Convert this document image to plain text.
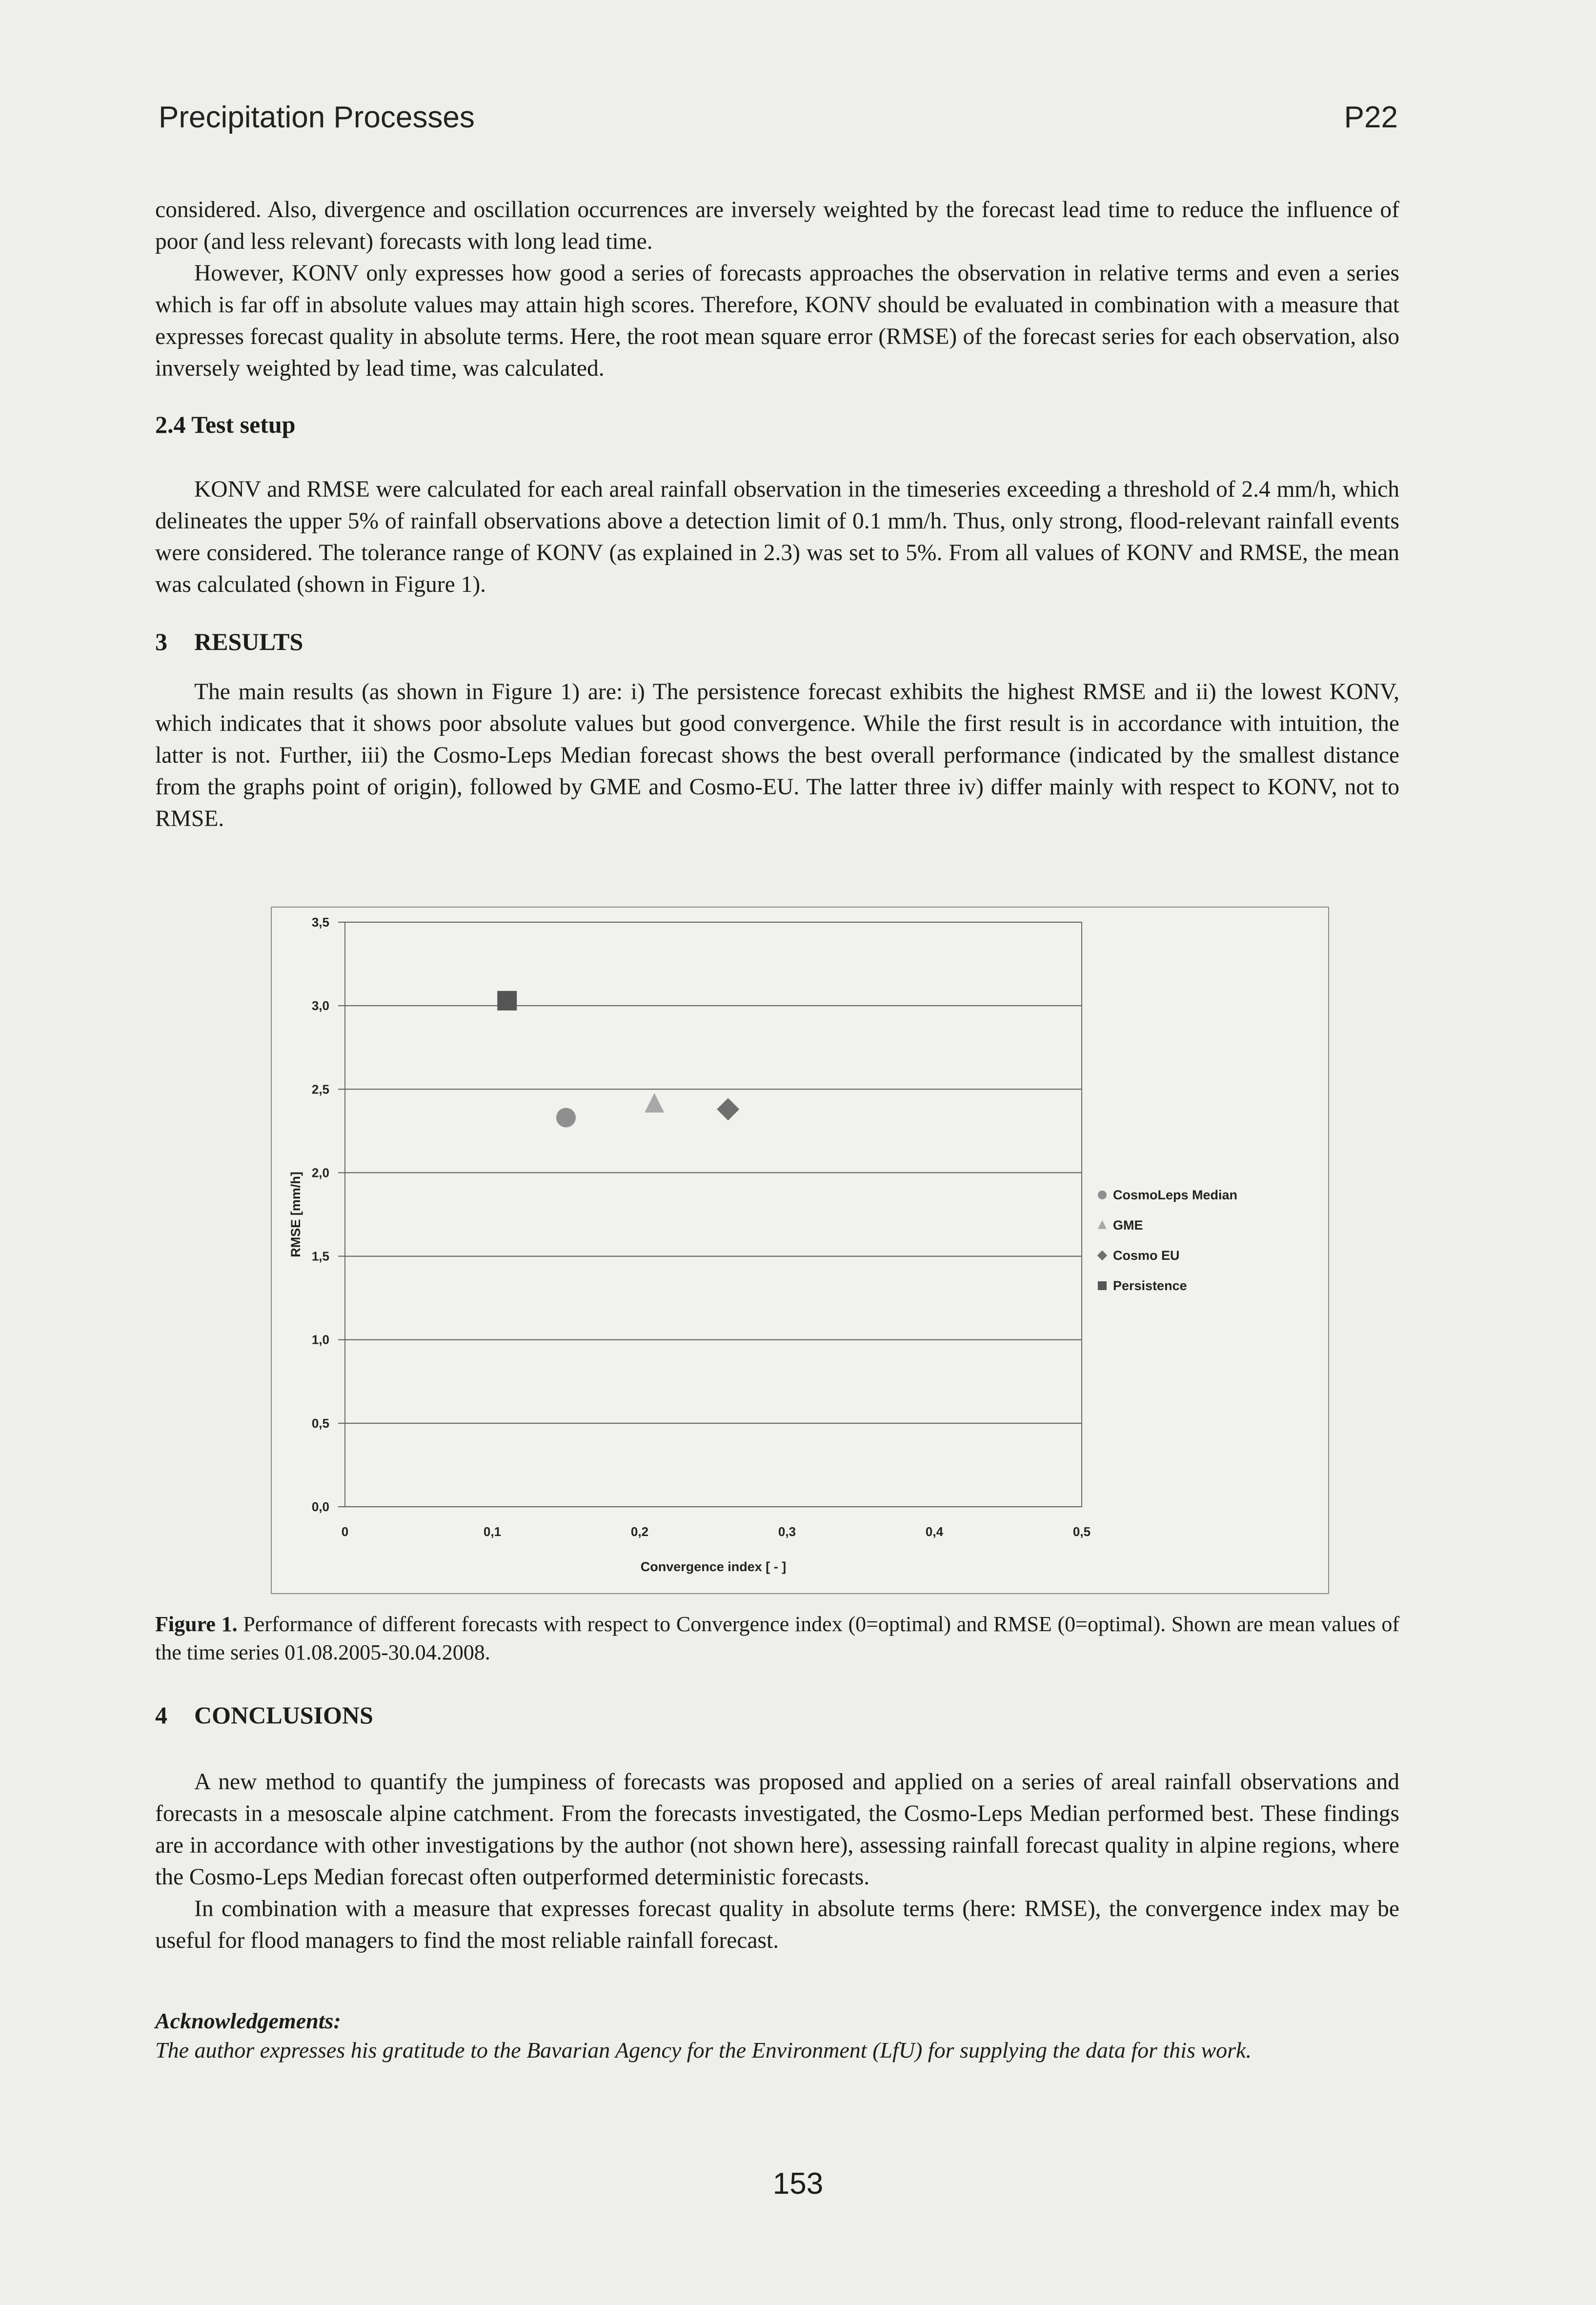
Precipitation Processes	P22

considered. Also, divergence and oscillation occurrences are inversely weighted by the forecast lead time to reduce the influence of poor (and less relevant) forecasts with long lead time.

However, KONV only expresses how good a series of forecasts approaches the observation in relative terms and even a series which is far off in absolute values may attain high scores. Therefore, KONV should be evaluated in combination with a measure that expresses forecast quality in absolute terms. Here, the root mean square error (RMSE) of the forecast series for each observation, also inversely weighted by lead time, was calculated.

2.4 Test setup

KONV and RMSE were calculated for each areal rainfall observation in the timeseries exceeding a threshold of 2.4 mm/h, which delineates the upper 5% of rainfall observations above a detection limit of 0.1 mm/h. Thus, only strong, flood-relevant rainfall events were considered. The tolerance range of KONV (as explained in 2.3) was set to 5%. From all values of KONV and RMSE, the mean was calculated (shown in Figure 1).

3 RESULTS

The main results (as shown in Figure 1) are: i) The persistence forecast exhibits the highest RMSE and ii) the lowest KONV, which indicates that it shows poor absolute values but good convergence. While the first result is in accordance with intuition, the latter is not. Further, iii) the Cosmo-Leps Median forecast shows the best overall performance (indicated by the smallest distance from the graphs point of origin), followed by GME and Cosmo-EU. The latter three iv) differ mainly with respect to KONV, not to RMSE.

0,0
0,5
1,0
1,5
2,0
2,5
3,0
3,5
0	0,1	0,2	0,3	0,4	0,5
Convergence index [ - ]
RMSE [mm/h]	CosmoLeps Median
GME
Cosmo EU
Persistence
Figure 1. Performance of different forecasts with respect to Convergence index (0=optimal) and RMSE (0=optimal). Shown are mean values of the time series 01.08.2005-30.04.2008.
4 CONCLUSIONS

A new method to quantify the jumpiness of forecasts was proposed and applied on a series of areal rainfall observations and forecasts in a mesoscale alpine catchment. From the forecasts investigated, the Cosmo-Leps Median performed best. These findings are in accordance with other investigations by the author (not shown here), assessing rainfall forecast quality in alpine regions, where the Cosmo-Leps Median forecast often outperformed deterministic forecasts.

In combination with a measure that expresses forecast quality in absolute terms (here: RMSE), the convergence index may be useful for flood managers to find the most reliable rainfall forecast.

Acknowledgements:
The author expresses his gratitude to the Bavarian Agency for the Environment (LfU) for supplying the data for this work.
153
